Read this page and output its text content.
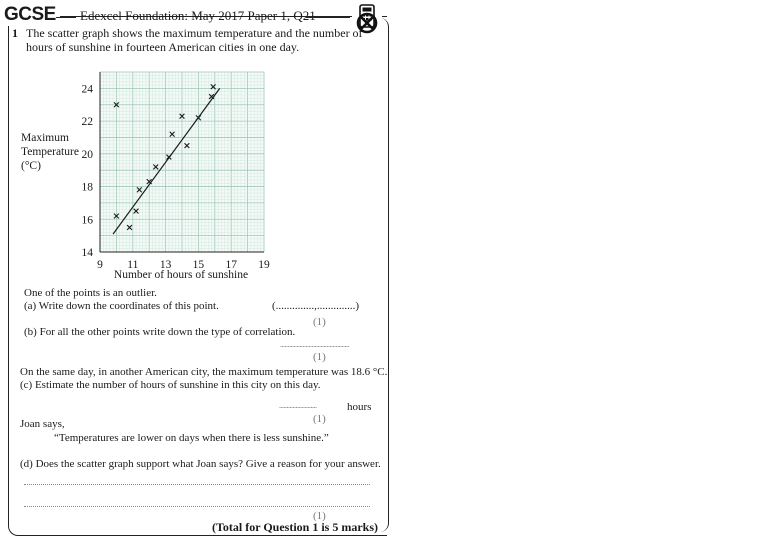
GCSE	Edexcel Foundation: May 2017 Paper 1, Q21
1 The scatter graph shows the maximum temperature and the number of
hours of sunshine in fourteen American cities in one day.
9 11 13 15 17 19
14
16
18
20
22
24
Number of hours of sunshine
Maximum
Temperature
(°C)
One of the points is an outlier.
(a) Write down the coordinates of this point.	(..............,..............)
(1)
(b) For all the other points write down the type of correlation.
..............................................
(1)
On the same day, in another American city, the maximum temperature was 18.6 °C.
(c) Estimate the number of hours of sunshine in this city on this day.
.........................	hours
(1)
Joan says,
“Temperatures are lower on days when there is less sunshine.”
(d) Does the scatter graph support what Joan says? Give a reason for your answer.
(1)
(Total for Question 1 is 5 marks)
